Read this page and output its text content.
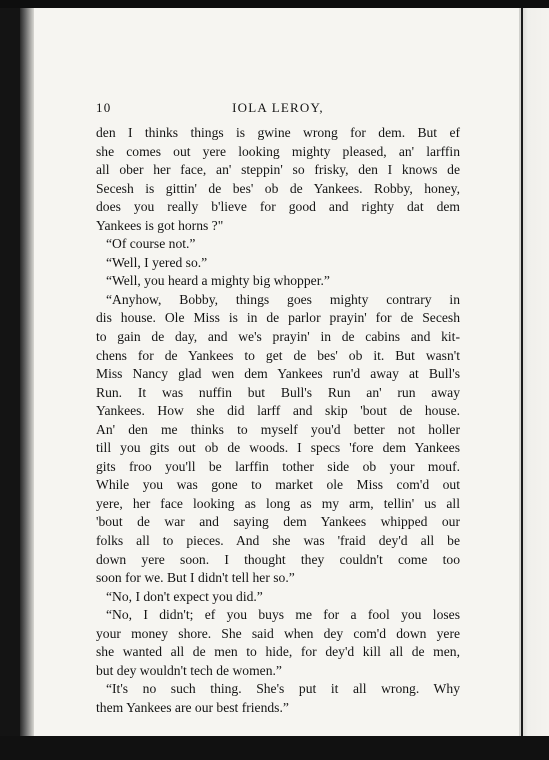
10	IOLA LEROY,
den I thinks things is gwine wrong for dem. But ef
she comes out yere looking mighty pleased, an' larffin
all ober her face, an' steppin' so frisky, den I knows de
Secesh is gittin' de bes' ob de Yankees. Robby, honey,
does you really b'lieve for good and righty dat dem
Yankees is got horns ?"
“Of course not.”
“Well, I yered so.”
“Well, you heard a mighty big whopper.”
“Anyhow, Bobby, things goes mighty contrary in
dis house. Ole Miss is in de parlor prayin' for de Secesh
to gain de day, and we's prayin' in de cabins and kit-
chens for de Yankees to get de bes' ob it. But wasn't
Miss Nancy glad wen dem Yankees run'd away at Bull's
Run. It was nuffin but Bull's Run an' run away
Yankees. How she did larff and skip 'bout de house.
An' den me thinks to myself you'd better not holler
till you gits out ob de woods. I specs 'fore dem Yankees
gits froo you'll be larffin tother side ob your mouf.
While you was gone to market ole Miss com'd out
yere, her face looking as long as my arm, tellin' us all
'bout de war and saying dem Yankees whipped our
folks all to pieces. And she was 'fraid dey'd all be
down yere soon. I thought they couldn't come too
soon for we. But I didn't tell her so.”
“No, I don't expect you did.”
“No, I didn't; ef you buys me for a fool you loses
your money shore. She said when dey com'd down yere
she wanted all de men to hide, for dey'd kill all de men,
but dey wouldn't tech de women.”
“It's no such thing. She's put it all wrong. Why
them Yankees are our best friends.”
